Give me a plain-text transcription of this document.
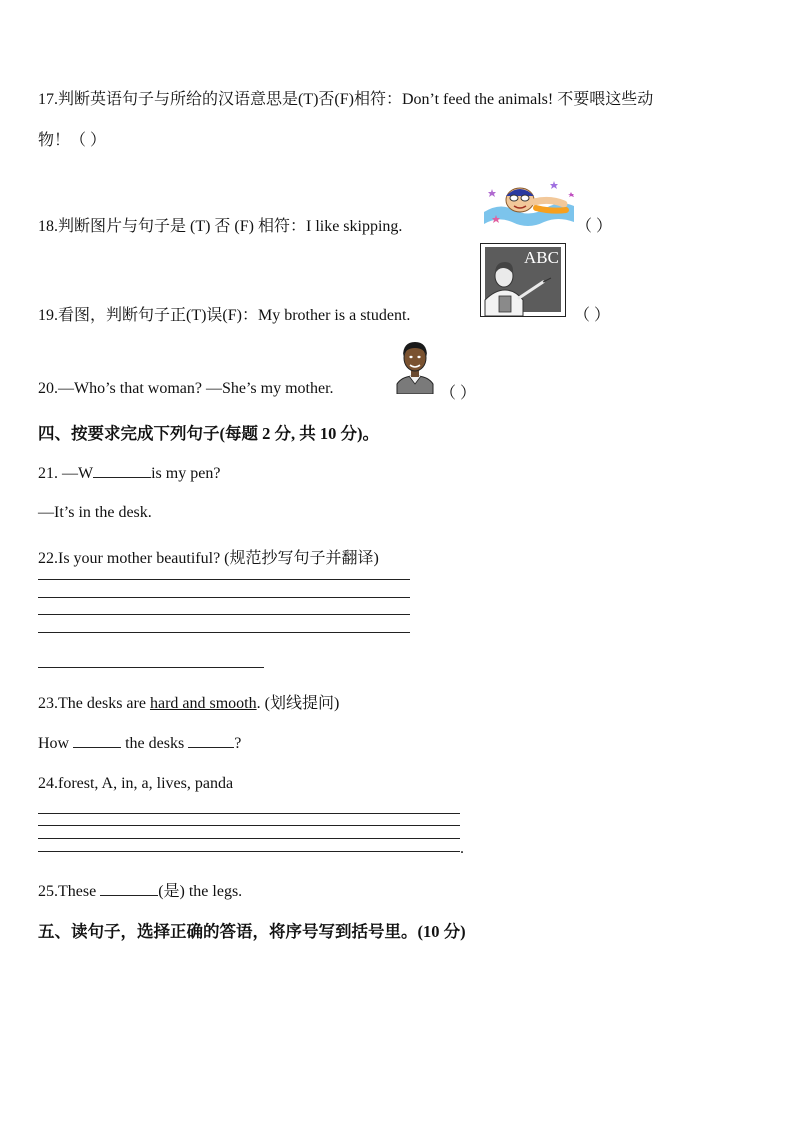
17.判断英语句子与所给的汉语意思是(T)否(F)相符：Don’t feed the animals! 不要喂这些动
物！（ ）
18.判断图片与句子是 (T) 否 (F) 相符：I like skipping.	（ ）
19.看图，判断句子正(T)误(F)：My brother is a student.
ABC
（ ）
20.—Who’s that woman? —She’s my mother.	（ ）
四、按要求完成下列句子(每题 2 分, 共 10 分)。
21. —W	is my pen?
—It’s in the desk.
22.Is your mother beautiful? (规范抄写句子并翻译)
23.The desks are hard and smooth. (划线提问)
How	the desks	?
24.forest, A, in, a, lives, panda
.
25.These	(是) the legs.
五、读句子，选择正确的答语，将序号写到括号里。(10 分)
